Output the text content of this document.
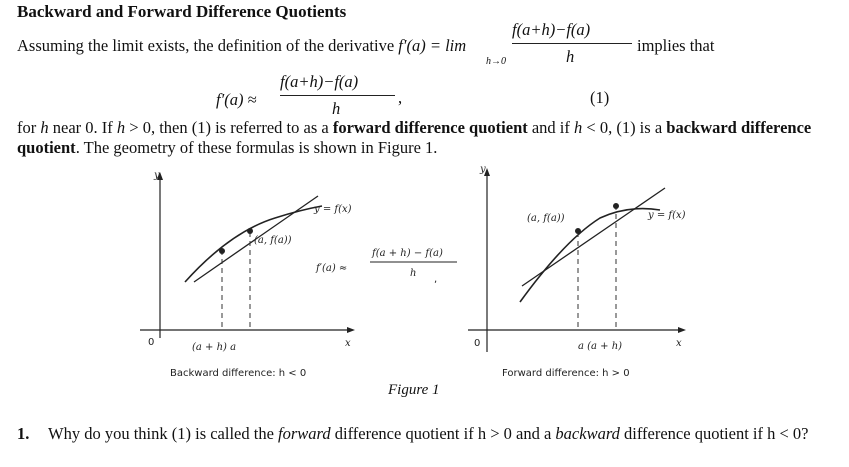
Backward and Forward Difference Quotients
Assuming the limit exists, the definition of the derivative f′(a) = lim
f(a+h)−f(a)
h
h→0
implies that
f′(a) ≈
f(a+h)−f(a)
h
,	(1)
for h near 0. If h > 0, then (1) is referred to as a forward difference quotient and if h < 0, (1) is a backward difference quotient. The geometry of these formulas is shown in Figure 1.
y
x
0
y = f(x)
(a, f(a))
(a + h) a
f′(a) ≈
f(a + h) − f(a)
h
,
Backward difference: h < 0
y
x
0
y = f(x)
(a, f(a))
a (a + h)
Forward difference: h > 0
Figure 1
1. Why do you think (1) is called the forward difference quotient if h > 0 and a backward difference quotient if h < 0?
